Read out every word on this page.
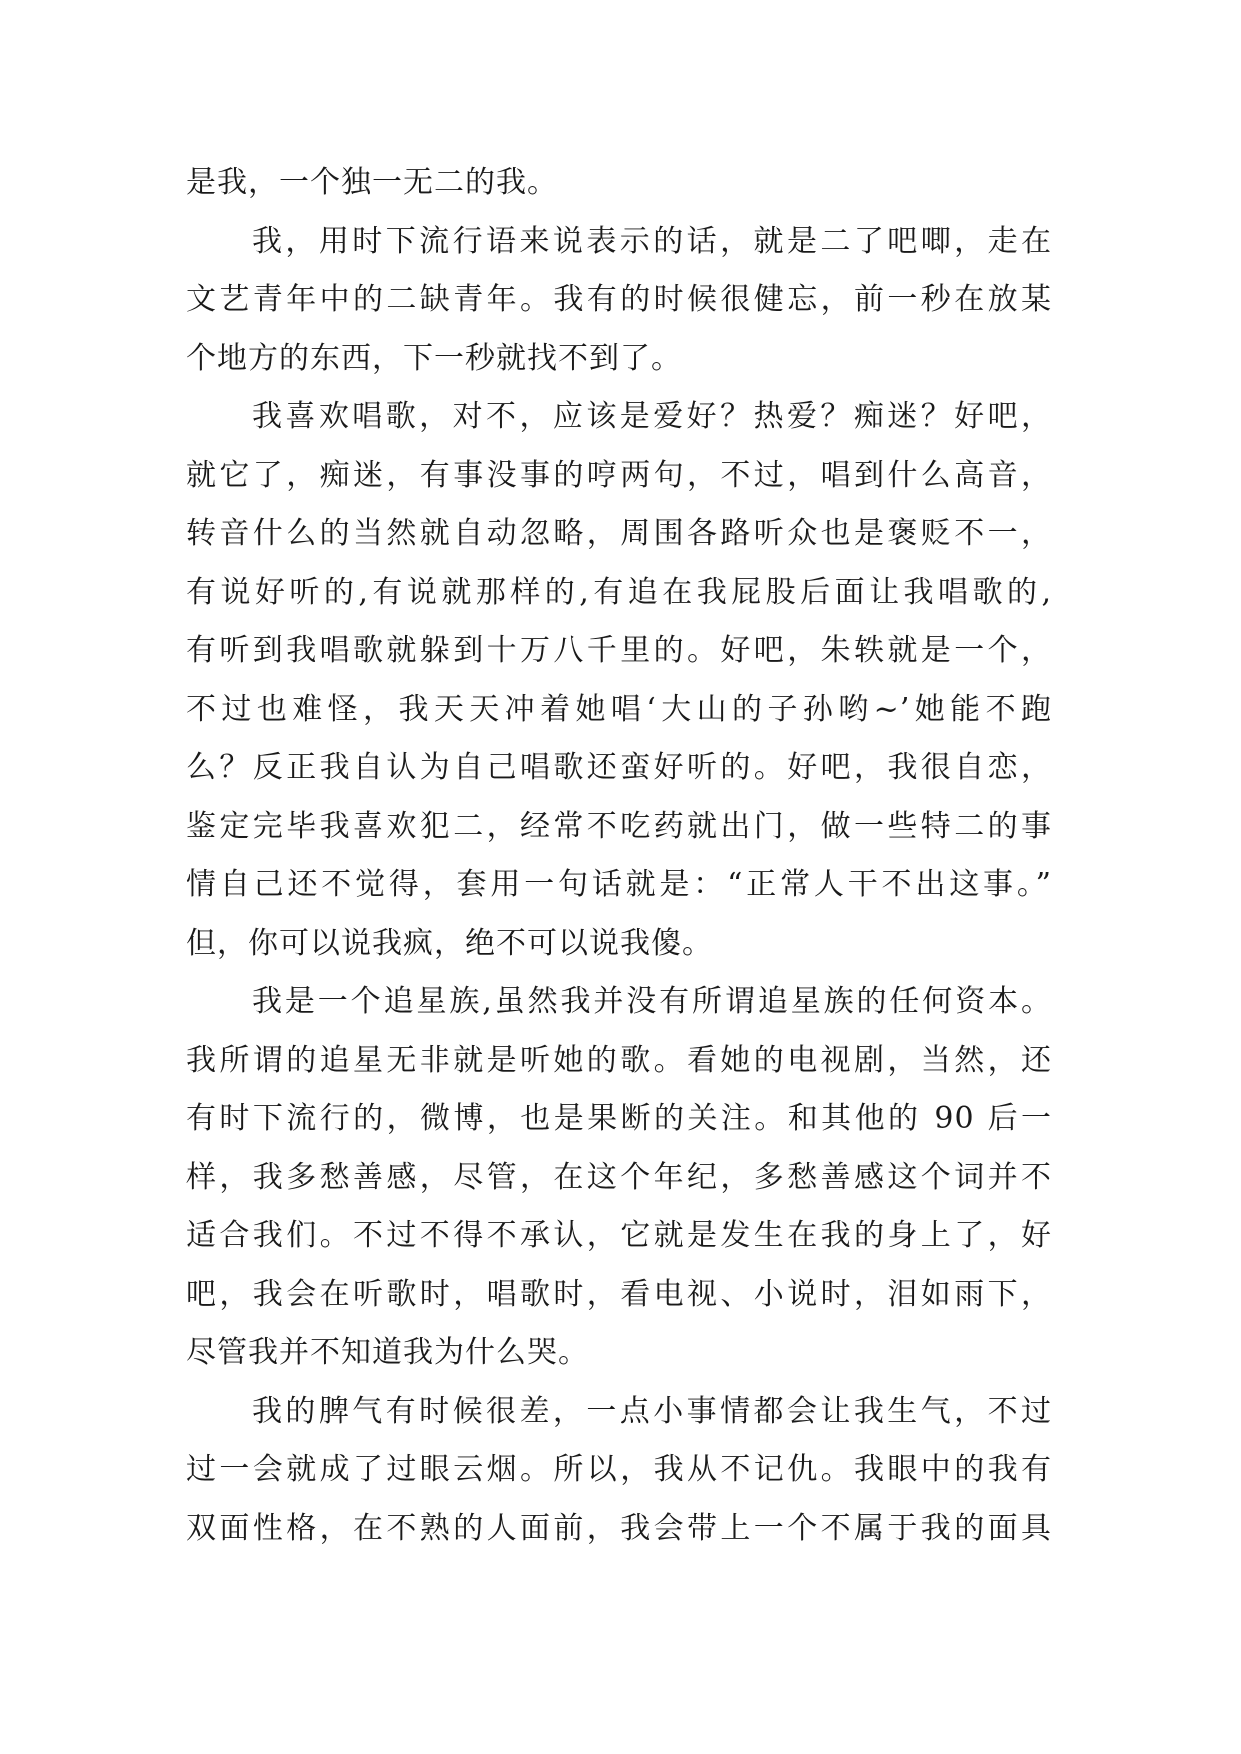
是我，一个独一无二的我。
我，用时下流行语来说表示的话，就是二了吧唧，走在
文艺青年中的二缺青年。我有的时候很健忘，前一秒在放某
个地方的东西，下一秒就找不到了。
我喜欢唱歌，对不，应该是爱好？热爱？痴迷？好吧，
就它了，痴迷，有事没事的哼两句，不过，唱到什么高音，
转音什么的当然就自动忽略，周围各路听众也是褒贬不一，
有说好听的,有说就那样的,有追在我屁股后面让我唱歌的,
有听到我唱歌就躲到十万八千里的。好吧，朱轶就是一个，
不过也难怪，我天天冲着她唱‘大山的子孙哟~’她能不跑
么？反正我自认为自己唱歌还蛮好听的。好吧，我很自恋，
鉴定完毕我喜欢犯二，经常不吃药就出门，做一些特二的事
情自己还不觉得，套用一句话就是：“正常人干不出这事。”
但，你可以说我疯，绝不可以说我傻。
我是一个追星族,虽然我并没有所谓追星族的任何资本。
我所谓的追星无非就是听她的歌。看她的电视剧，当然，还
有时下流行的，微博，也是果断的关注。和其他的 90 后一
样，我多愁善感，尽管，在这个年纪，多愁善感这个词并不
适合我们。不过不得不承认，它就是发生在我的身上了，好
吧，我会在听歌时，唱歌时，看电视、小说时，泪如雨下，
尽管我并不知道我为什么哭。
我的脾气有时候很差，一点小事情都会让我生气，不过
过一会就成了过眼云烟。所以，我从不记仇。我眼中的我有
双面性格，在不熟的人面前，我会带上一个不属于我的面具
